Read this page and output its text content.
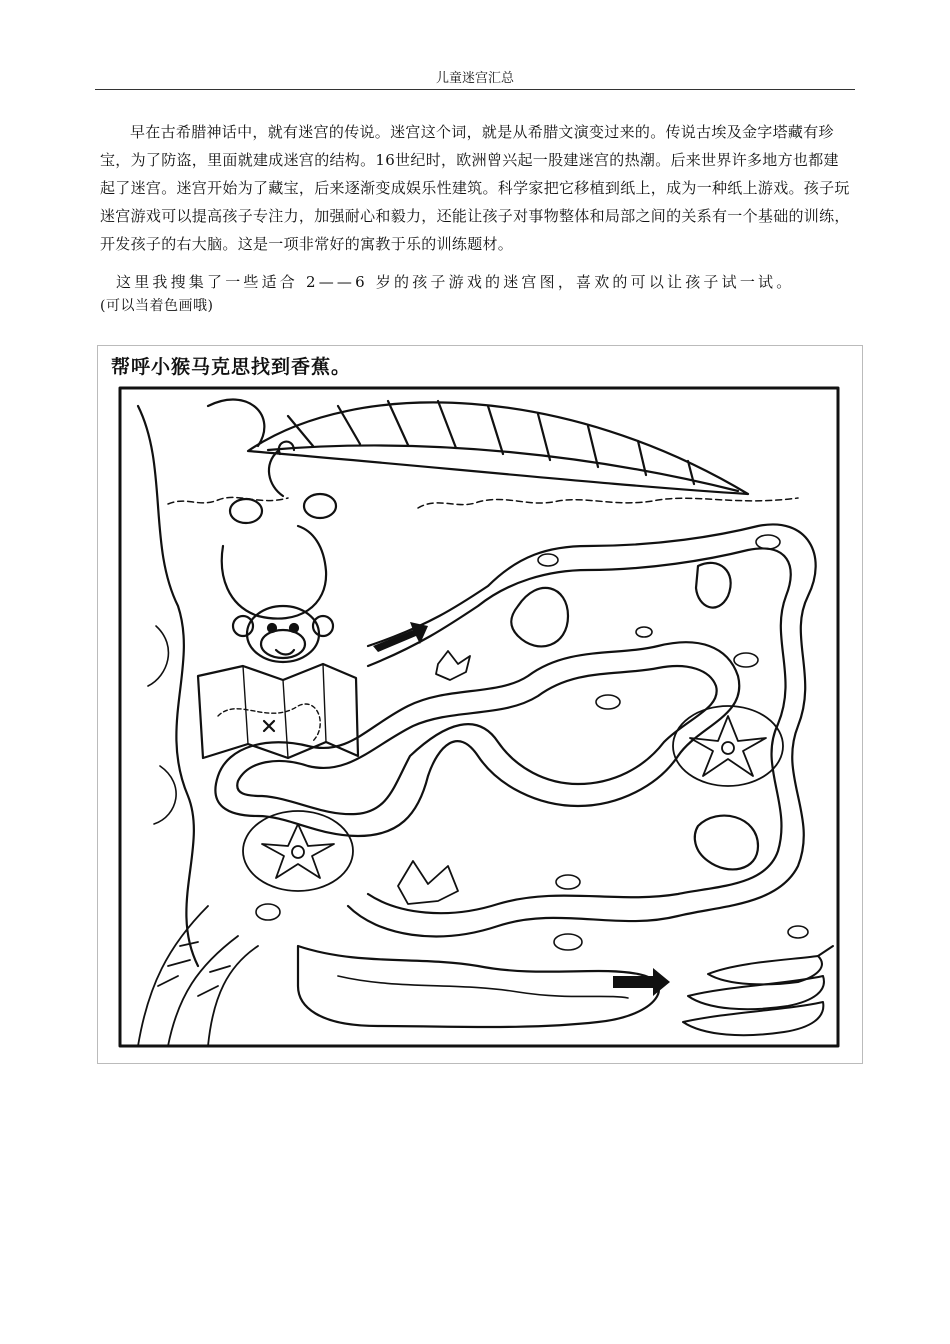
儿童迷宫汇总
早在古希腊神话中，就有迷宫的传说。迷宫这个词，就是从希腊文演变过来的。传说古埃及金字塔藏有珍宝，为了防盗，里面就建成迷宫的结构。16世纪时，欧洲曾兴起一股建迷宫的热潮。后来世界许多地方也都建起了迷宫。迷宫开始为了藏宝，后来逐渐变成娱乐性建筑。科学家把它移植到纸上，成为一种纸上游戏。孩子玩迷宫游戏可以提高孩子专注力，加强耐心和毅力，还能让孩子对事物整体和局部之间的关系有一个基础的训练，开发孩子的右大脑。这是一项非常好的寓教于乐的训练题材。
这里我搜集了一些适合 2——6 岁的孩子游戏的迷宫图，喜欢的可以让孩子试一试。
(可以当着色画哦)
帮呼小猴马克思找到香蕉。
